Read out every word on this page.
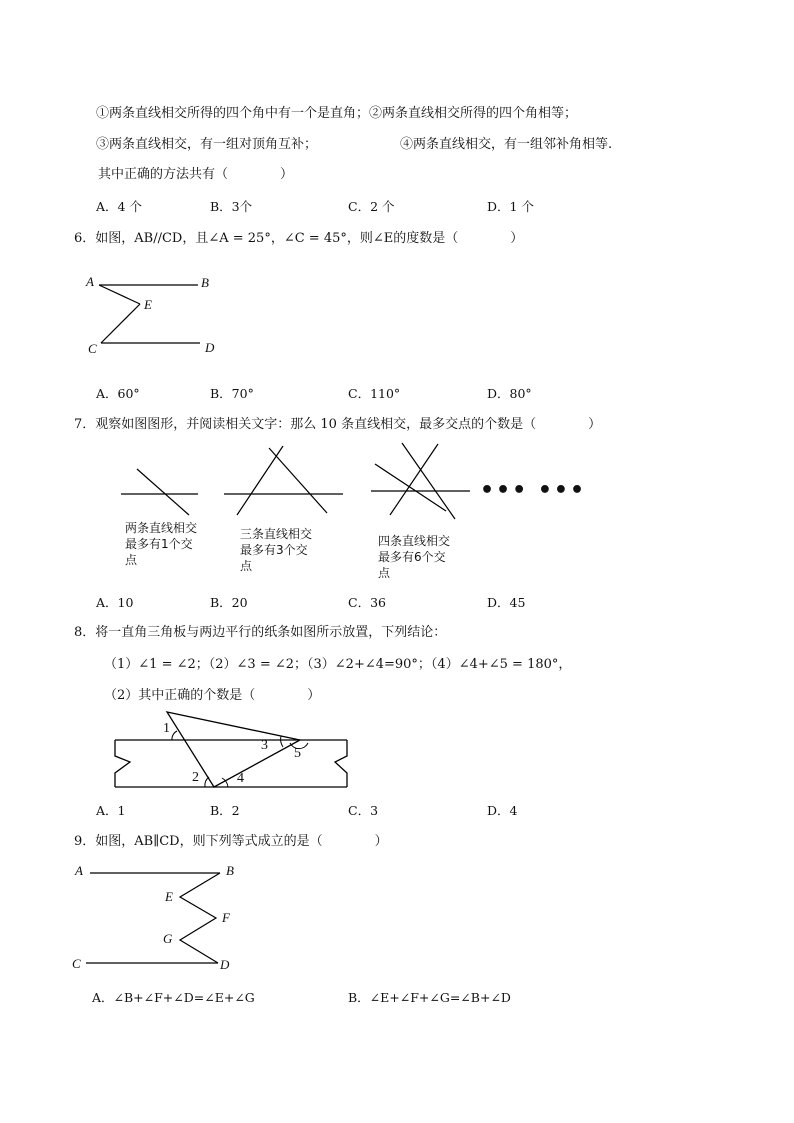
①两条直线相交所得的四个角中有一个是直角；②两条直线相交所得的四个角相等；
③两条直线相交，有一组对顶角互补；	④两条直线相交，有一组邻补角相等.
其中正确的方法共有（　　　　）
A．4 个	B．3个	C．2 个	D．1 个
6．如图，AB//CD，且∠A = 25°，∠C = 45°，则∠E的度数是（　　　　）
A	B
E
C	D
A．60°	B．70°	C．110°	D．80°
7．观察如图图形，并阅读相关文字：那么 10 条直线相交，最多交点的个数是（　　　　）
••• •••
两条直线相交最多有1个交点
三条直线相交最多有3个交点
四条直线相交最多有6个交点
A．10	B．20	C．36	D．45
8．将一直角三角板与两边平行的纸条如图所示放置，下列结论：
（1）∠1 = ∠2；（2）∠3 = ∠2；（3）∠2+∠4=90°；（4）∠4+∠5 = 180°，
（2）其中正确的个数是（　　　　）
1
2
3
4
5
A．1	B．2	C．3	D．4
9．如图，AB∥CD，则下列等式成立的是（　　　　）
A	B
E
F
G
C	D
A．∠B+∠F+∠D=∠E+∠G	B．∠E+∠F+∠G=∠B+∠D
